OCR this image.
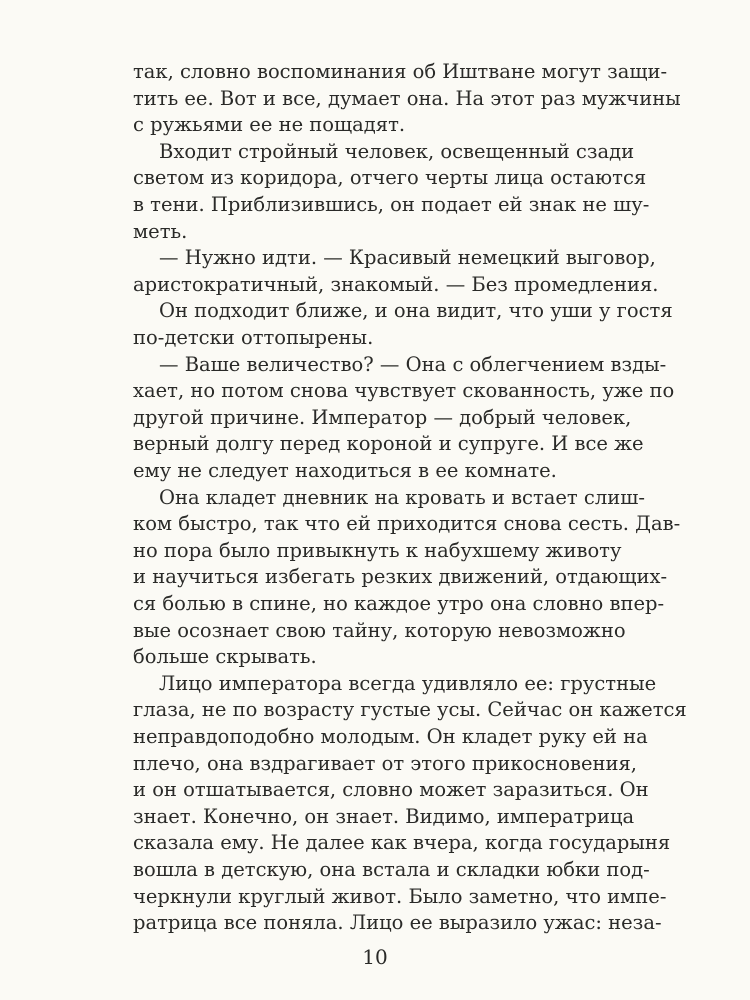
так, словно воспоминания об Иштване могут защи-
тить ее. Вот и все, думает она. На этот раз мужчины
с ружьями ее не пощадят.
Входит стройный человек, освещенный сзади
светом из коридора, отчего черты лица остаются
в тени. Приблизившись, он подает ей знак не шу-
меть.
— Нужно идти. — Красивый немецкий выговор,
аристократичный, знакомый. — Без промедления.
Он подходит ближе, и она видит, что уши у гостя
по-детски оттопырены.
— Ваше величество? — Она с облегчением взды-
хает, но потом снова чувствует скованность, уже по
другой причине. Император — добрый человек,
верный долгу перед короной и супруге. И все же
ему не следует находиться в ее комнате.
Она кладет дневник на кровать и встает слиш-
ком быстро, так что ей приходится снова сесть. Дав-
но пора было привыкнуть к набухшему животу
и научиться избегать резких движений, отдающих-
ся болью в спине, но каждое утро она словно впер-
вые осознает свою тайну, которую невозможно
больше скрывать.
Лицо императора всегда удивляло ее: грустные
глаза, не по возрасту густые усы. Сейчас он кажется
неправдоподобно молодым. Он кладет руку ей на
плечо, она вздрагивает от этого прикосновения,
и он отшатывается, словно может заразиться. Он
знает. Конечно, он знает. Видимо, императрица
сказала ему. Не далее как вчера, когда государыня
вошла в детскую, она встала и складки юбки под-
черкнули круглый живот. Было заметно, что импе-
ратрица все поняла. Лицо ее выразило ужас: неза-
10
